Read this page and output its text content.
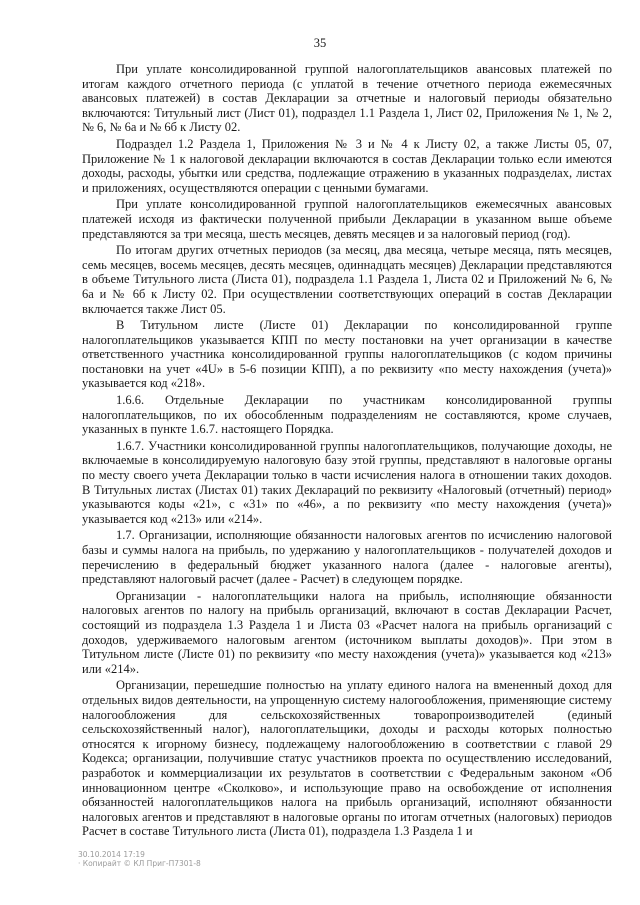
35

При уплате консолидированной группой налогоплательщиков авансовых платежей по итогам каждого отчетного периода (с уплатой в течение отчетного периода ежемесячных авансовых платежей) в состав Декларации за отчетные и налоговый периоды обязательно включаются: Титульный лист (Лист 01), подраздел 1.1 Раздела 1, Лист 02, Приложения № 1, № 2, № 6, № 6а и № 6б к Листу 02.

Подраздел 1.2 Раздела 1, Приложения № 3 и № 4 к Листу 02, а также Листы 05, 07, Приложение № 1 к налоговой декларации включаются в состав Декларации только если имеются доходы, расходы, убытки или средства, подлежащие отражению в указанных подразделах, листах и приложениях, осуществляются операции с ценными бумагами.

При уплате консолидированной группой налогоплательщиков ежемесячных авансовых платежей исходя из фактически полученной прибыли Декларации в указанном выше объеме представляются за три месяца, шесть месяцев, девять месяцев и за налоговый период (год).

По итогам других отчетных периодов (за месяц, два месяца, четыре месяца, пять месяцев, семь месяцев, восемь месяцев, десять месяцев, одиннадцать месяцев) Декларации представляются в объеме Титульного листа (Листа 01), подраздела 1.1 Раздела 1, Листа 02 и Приложений № 6, № 6а и № 6б к Листу 02. При осуществлении соответствующих операций в состав Декларации включается также Лист 05.

В Титульном листе (Листе 01) Декларации по консолидированной группе налогоплательщиков указывается КПП по месту постановки на учет организации в качестве ответственного участника консолидированной группы налогоплательщиков (с кодом причины постановки на учет «4U» в 5-6 позиции КПП), а по реквизиту «по месту нахождения (учета)» указывается код «218».

1.6.6. Отдельные Декларации по участникам консолидированной группы налогоплательщиков, по их обособленным подразделениям не составляются, кроме случаев, указанных в пункте 1.6.7. настоящего Порядка.

1.6.7. Участники консолидированной группы налогоплательщиков, получающие доходы, не включаемые в консолидируемую налоговую базу этой группы, представляют в налоговые органы по месту своего учета Декларации только в части исчисления налога в отношении таких доходов. В Титульных листах (Листах 01) таких Деклараций по реквизиту «Налоговый (отчетный) период» указываются коды «21», с «31» по «46», а по реквизиту «по месту нахождения (учета)» указывается код «213» или «214».

1.7. Организации, исполняющие обязанности налоговых агентов по исчислению налоговой базы и суммы налога на прибыль, по удержанию у налогоплательщиков - получателей доходов и перечислению в федеральный бюджет указанного налога (далее - налоговые агенты), представляют налоговый расчет (далее - Расчет) в следующем порядке.

Организации - налогоплательщики налога на прибыль, исполняющие обязанности налоговых агентов по налогу на прибыль организаций, включают в состав Декларации Расчет, состоящий из подраздела 1.3 Раздела 1 и Листа 03 «Расчет налога на прибыль организаций с доходов, удерживаемого налоговым агентом (источником выплаты доходов)». При этом в Титульном листе (Листе 01) по реквизиту «по месту нахождения (учета)» указывается код «213» или «214».

Организации, перешедшие полностью на уплату единого налога на вмененный доход для отдельных видов деятельности, на упрощенную систему налогообложения, применяющие систему налогообложения для сельскохозяйственных товаропроизводителей (единый сельскохозяйственный налог), налогоплательщики, доходы и расходы которых полностью относятся к игорному бизнесу, подлежащему налогообложению в соответствии с главой 29 Кодекса; организации, получившие статус участников проекта по осуществлению исследований, разработок и коммерциализации их результатов в соответствии с Федеральным законом «Об инновационном центре «Сколково», и использующие право на освобождение от исполнения обязанностей налогоплательщиков налога на прибыль организаций, исполняют обязанности налоговых агентов и представляют в налоговые органы по итогам отчетных (налоговых) периодов Расчет в составе Титульного листа (Листа 01), подраздела 1.3 Раздела 1 и

30.10.2014 17:19
· Копирайт © КЛ Приг-П7301-8
